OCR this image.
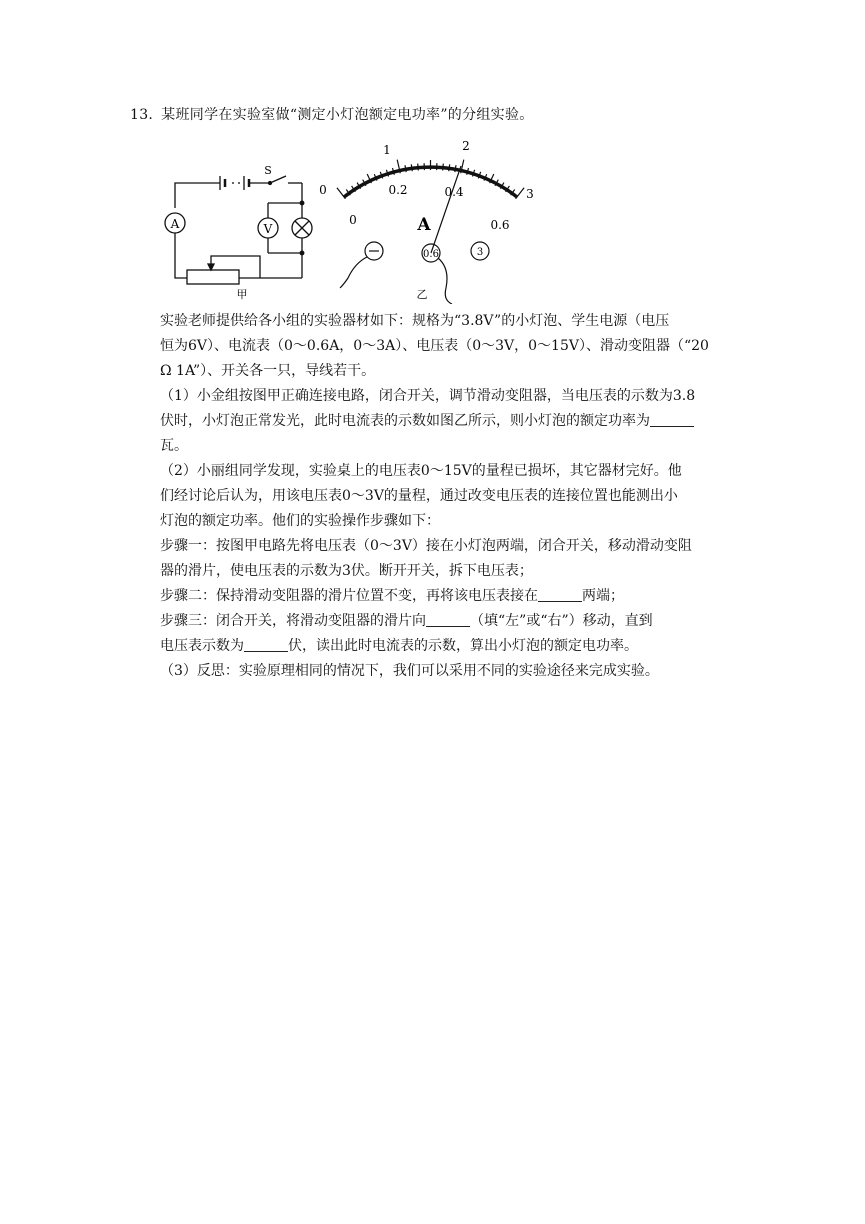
13. 某班同学在实验室做“测定小灯泡额定电功率”的分组实验。
A	V
S
甲
0
1	2
3
0
0.2	0.4
0.6
A
0.6	3
乙
实验老师提供给各小组的实验器材如下：规格为“3.8V”的小灯泡、学生电源（电压
恒为6V）、电流表（0～0.6A，0～3A）、电压表（0～3V，0～15V）、滑动变阻器（“20
Ω 1A”）、开关各一只，导线若干。
（1）小金组按图甲正确连接电路，闭合开关，调节滑动变阻器，当电压表的示数为3.8
伏时，小灯泡正常发光，此时电流表的示数如图乙所示，则小灯泡的额定功率为
瓦。
（2）小丽组同学发现，实验桌上的电压表0～15V的量程已损坏，其它器材完好。他
们经讨论后认为，用该电压表0～3V的量程，通过改变电压表的连接位置也能测出小
灯泡的额定功率。他们的实验操作步骤如下：
步骤一：按图甲电路先将电压表（0～3V）接在小灯泡两端，闭合开关，移动滑动变阻
器的滑片，使电压表的示数为3伏。断开开关，拆下电压表；
步骤二：保持滑动变阻器的滑片位置不变，再将该电压表接在	两端；
步骤三：闭合开关，将滑动变阻器的滑片向	（填“左”或“右”）移动，直到
电压表示数为	伏，读出此时电流表的示数，算出小灯泡的额定电功率。
（3）反思：实验原理相同的情况下，我们可以采用不同的实验途径来完成实验。
